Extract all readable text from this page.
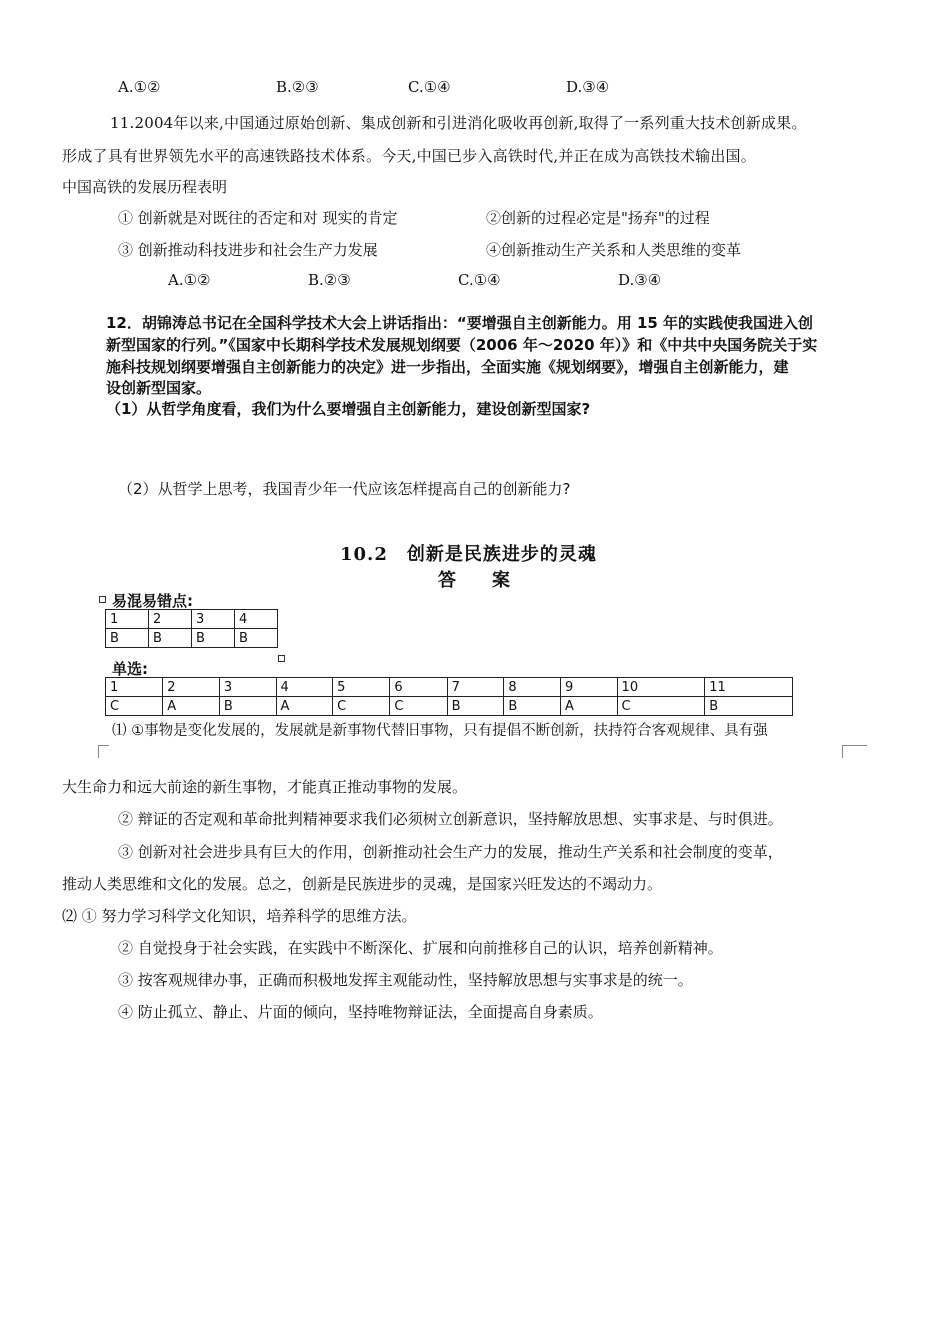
A.①②	B.②③	C.①④	D.③④
11.2004年以来,中国通过原始创新、集成创新和引进消化吸收再创新,取得了一系列重大技术创新成果。
形成了具有世界领先水平的高速铁路技术体系。今天,中国已步入高铁时代,并正在成为高铁技术输出国。
中国高铁的发展历程表明
① 创新就是对既往的否定和对 现实的肯定	②创新的过程必定是"扬弃"的过程
③ 创新推动科技进步和社会生产力发展	④创新推动生产关系和人类思维的变革
A.①②	B.②③	C.①④	D.③④
12．胡锦涛总书记在全国科学技术大会上讲话指出：“要增强自主创新能力。用 15 年的实践使我国进入创
新型国家的行列。”《国家中长期科学技术发展规划纲要（2006 年～2020 年）》和《中共中央国务院关于实
施科技规划纲要增强自主创新能力的决定》进一步指出，全面实施《规划纲要》，增强自主创新能力，建
设创新型国家。
（1）从哲学角度看，我们为什么要增强自主创新能力，建设创新型国家?
（2）从哲学上思考，我国青少年一代应该怎样提高自己的创新能力?
10.2　创新是民族进步的灵魂
答　　案
易混易错点:
1	2	3	4
B	B	B	B
单选:
1	2	3	4	5	6	7	8	9	10	11
C	A	B	A	C	C	B	B	A	C	B
⑴ ①事物是变化发展的，发展就是新事物代替旧事物，只有提倡不断创新，扶持符合客观规律、具有强
大生命力和远大前途的新生事物，才能真正推动事物的发展。
② 辩证的否定观和革命批判精神要求我们必须树立创新意识，坚持解放思想、实事求是、与时俱进。
③ 创新对社会进步具有巨大的作用，创新推动社会生产力的发展，推动生产关系和社会制度的变革，
推动人类思维和文化的发展。总之，创新是民族进步的灵魂，是国家兴旺发达的不竭动力。
⑵ ① 努力学习科学文化知识，培养科学的思维方法。
② 自觉投身于社会实践，在实践中不断深化、扩展和向前推移自己的认识，培养创新精神。
③ 按客观规律办事，正确而积极地发挥主观能动性，坚持解放思想与实事求是的统一。
④ 防止孤立、静止、片面的倾向，坚持唯物辩证法，全面提高自身素质。
